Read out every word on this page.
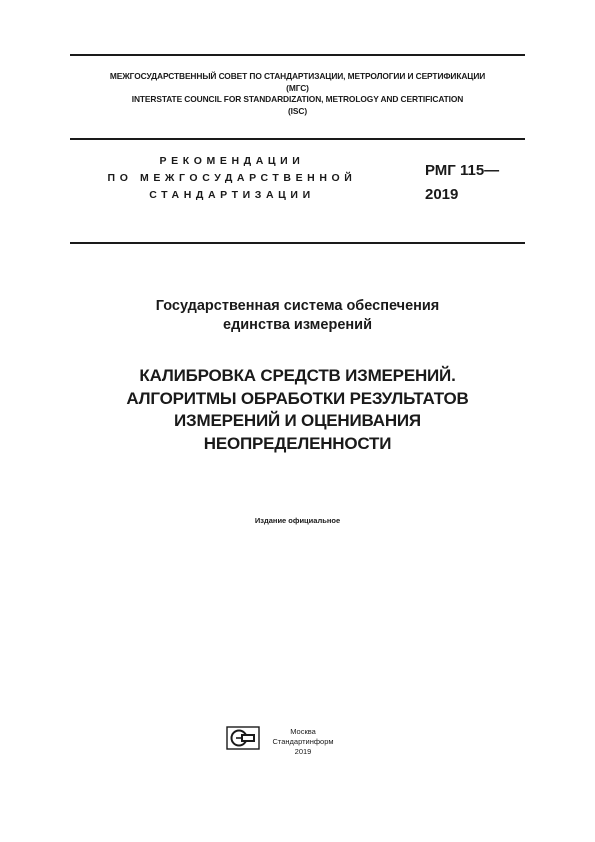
МЕЖГОСУДАРСТВЕННЫЙ СОВЕТ ПО СТАНДАРТИЗАЦИИ, МЕТРОЛОГИИ И СЕРТИФИКАЦИИ
(МГС)
INTERSTATE COUNCIL FOR STANDARDIZATION, METROLOGY AND CERTIFICATION
(ISC)
РЕКОМЕНДАЦИИ
ПО МЕЖГОСУДАРСТВЕННОЙ
СТАНДАРТИЗАЦИИ
РМГ 115—
2019
Государственная система обеспечения
единства измерений
КАЛИБРОВКА СРЕДСТВ ИЗМЕРЕНИЙ.
АЛГОРИТМЫ ОБРАБОТКИ РЕЗУЛЬТАТОВ
ИЗМЕРЕНИЙ И ОЦЕНИВАНИЯ
НЕОПРЕДЕЛЕННОСТИ
Издание официальное
Москва
Стандартинформ
2019
